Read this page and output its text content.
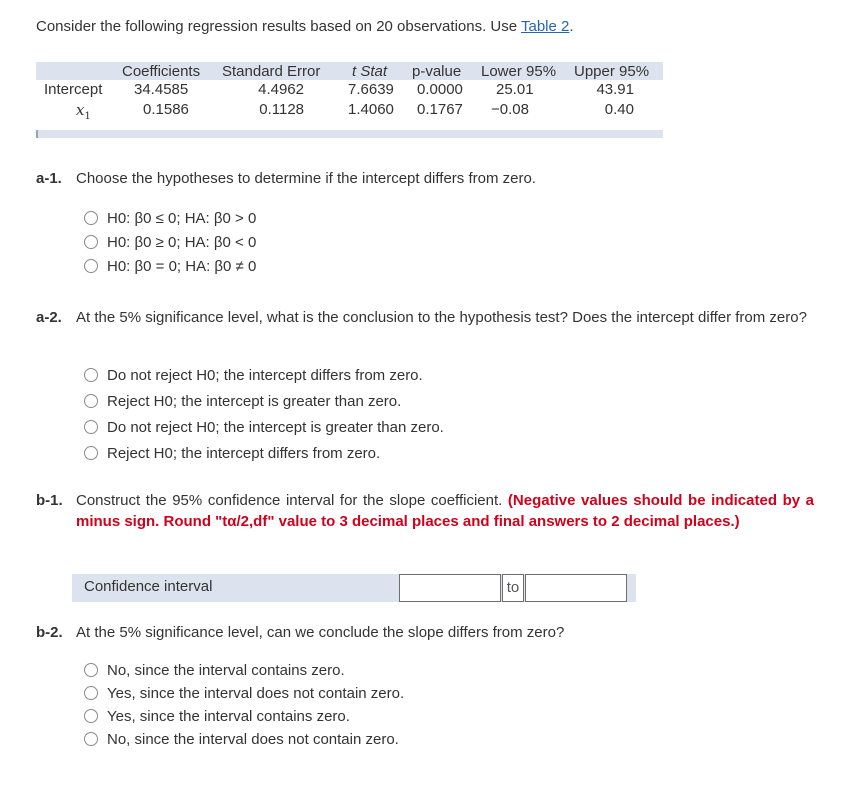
Consider the following regression results based on 20 observations. Use Table 2.
Coefficients Standard Error t Stat p-value Lower 95% Upper 95%
Intercept 34.4585	4.4962	7.6639 0.0000 25.01	43.91
$x_1$	0.1586	0.1128	1.4060 0.1767 −0.08	0.40
a-1. Choose the hypotheses to determine if the intercept differs from zero.
H0: β0 ≤ 0; HA: β0 > 0
H0: β0 ≥ 0; HA: β0 < 0
H0: β0 = 0; HA: β0 ≠ 0
a-2. At the 5% significance level, what is the conclusion to the hypothesis test? Does the intercept differ from zero?
Do not reject H0; the intercept differs from zero.
Reject H0; the intercept is greater than zero.
Do not reject H0; the intercept is greater than zero.
Reject H0; the intercept differs from zero.
b-1. Construct the 95% confidence interval for the slope coefficient. (Negative values should be indicated by a minus sign. Round "tα/2,df" value to 3 decimal places and final answers to 2 decimal places.)
Confidence interval	to
b-2. At the 5% significance level, can we conclude the slope differs from zero?
No, since the interval contains zero.
Yes, since the interval does not contain zero.
Yes, since the interval contains zero.
No, since the interval does not contain zero.
